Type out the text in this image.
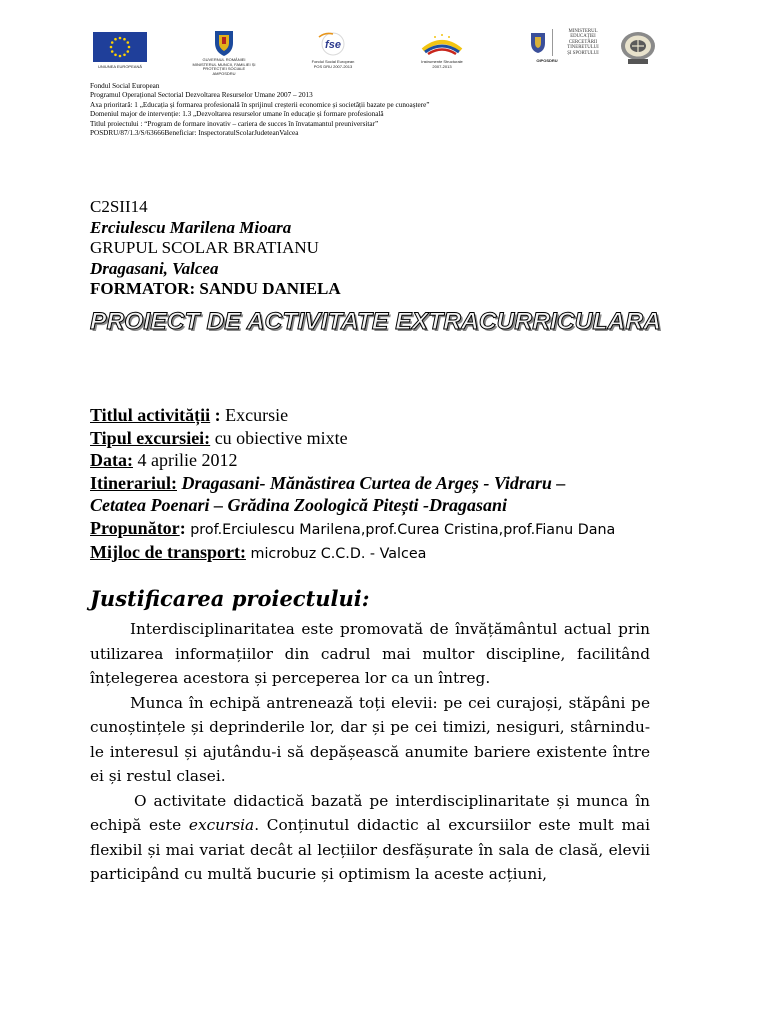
UNIUNEA EUROPEANĂ
GUVERNUL ROMÂNIEI
MINISTERUL MUNCII, FAMILIEI ȘI
PROTECȚIEI SOCIALE
AMPOSDRU
fse
Fondul Social European
POS DRU 2007-2013
Instrumente Structurale
2007-2013
MINISTERUL
EDUCAȚIEI
CERCETĂRII
TINERETULUI
ȘI SPORTULUI
OIPOSDRU
Fondul Social European
Programul Operațional Sectorial Dezvoltarea Resurselor Umane 2007 – 2013
Axa prioritară: 1 „Educația și formarea profesională în sprijinul creșterii economice și societății bazate pe cunoaștere”
Domeniul major de intervenție: 1.3 „Dezvoltarea resurselor umane în educație și formare profesională
Titlul proiectului : “Program de formare inovativ – cariera de succes în învatamantul preuniversitar”
POSDRU/87/1.3/S/63666Beneficiar: InspectoratulScolarJudeteanValcea
C2SII14
Erciulescu Marilena Mioara
GRUPUL SCOLAR BRATIANU
Dragasani, Valcea
FORMATOR: SANDU DANIELA
PROIECT DE ACTIVITATE EXTRACURRICULARA
Titlul activității : Excursie
Tipul excursiei: cu obiective mixte
Data: 4 aprilie 2012
Itinerariul: Dragasani- Mănăstirea Curtea de Argeș - Vidraru –
Cetatea Poenari – Grădina Zoologică Pitești -Dragasani
Propunător: prof.Erciulescu Marilena,prof.Curea Cristina,prof.Fianu Dana
Mijloc de transport: microbuz C.C.D. - Valcea
Justificarea proiectului:

Interdisciplinaritatea este promovată de învățământul actual prin utilizarea informațiilor din cadrul mai multor discipline, facilitând înțelegerea acestora și perceperea lor ca un întreg.

Munca în echipă antrenează toți elevii: pe cei curajoși, stăpâni pe cunoștințele și deprinderile lor, dar și pe cei timizi, nesiguri, stârnindu-le interesul și ajutându-i să depășească anumite bariere existente între ei și restul clasei.

O activitate didactică bazată pe interdisciplinaritate și munca în echipă este excursia. Conținutul didactic al excursiilor este mult mai flexibil și mai variat decât al lecțiilor desfășurate în sala de clasă, elevii participând cu multă bucurie și optimism la aceste acțiuni,
